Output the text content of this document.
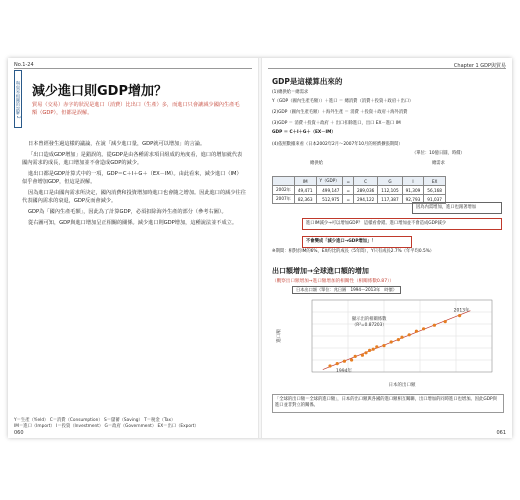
No.1-24
與貿易相關的誤解 2 減少進口則GDP增加？
貿易（交易）赤字的狀況是進口（消費）比出口（生產）多，而進口只會讓減少國內生產毛額（GDP），但都是誤解。

日本曾經發生過這樣的議論，在說「減少進口量，GDP就可以增加」的言論。

「出口造成GDP增加」是錯誤的。從GDP是由各種需求項目組成的角度看，進口的增加就代表國內需求的成長，進口增加並不會造成GDP的減少。

進出口都是GDP計算式中的一項，GDP＝C＋I＋G＋（EX－IM）。由此看來，減少進口（IM）似乎會增加GDP，但這是誤解。

因為進口是由國內需求所決定，國內消費和投資增加時進口也會隨之增加。因此進口的減少往往代表國內需求的衰退，GDP反而會減少。

GDP為「國內生產毛額」，因此為了計算GDP，必須扣除海外生產的部分（參考右圖）。

從右圖可知，GDP與進口增加呈正相關的關係。減少進口則GDP增加，這種說法並不成立。

Y＝生產（Yield） C＝消費（Consumption） S＝儲蓄（Saving） T＝稅金（Tax）
IM＝進口（Import） I＝投資（Investment） G＝政府（Government） EX＝出口（Export）
060
Chapter 1 GDP與貿易
GDP是這樣算出來的
(1)總供給＝總需求
Y（GDP（國內生產毛額））＋進口 ＝ 總消費（消費＋投資＋政府＋出口）
(2)GDP（國內生產毛額）＋海外生產 ＝ 消費 ＋投資＋政府＋海外消費
(3)GDP ＝ 消費＋投資＋政府 ＋ 出口扣除進口，出口 EX－進口 IM
GDP ＝ C＋I＋G＋（EX－IM）
(4)依照數據來看（日本2002年2月～2007年10月的經濟擴張期間）
（單位：10億日圓，時價）
總供給	總需求
	IM	Y（GDP）	=	C	G	I	EX
2002年	49,471	499,147	=	289,036	112,105	91,309	56,168
2007年	82,363	512,975	=	294,122	117,387	92,793	91,037
因為內需增加，進口也跟著增加
進口IM減少→可以增加GDP？ 這樣看會錯。進口增加並不會造成GDP減少
不會變成「減少進口→GDP增加」！
※期間：相對於IM的6%，EX約比的成長（5年間），Y只有成長2.7%（年平均0.5%）
出口額增加→全球進口額的增加
（觀察出口額增加→進口額增加的相關性（相關係數0.87））
日本出口額（單位：兆日圓　1994～2013年　時價）
1994年
2013年
顯示出的相關係數
（R²=0.87203）
進口額
日本的出口額
「全球的出口額＝全球的進口額」，日本的出口額與各國的進口額相互關聯，出口增加的同時進口也增加。因此GDP與進口並非對立的關係。
061
